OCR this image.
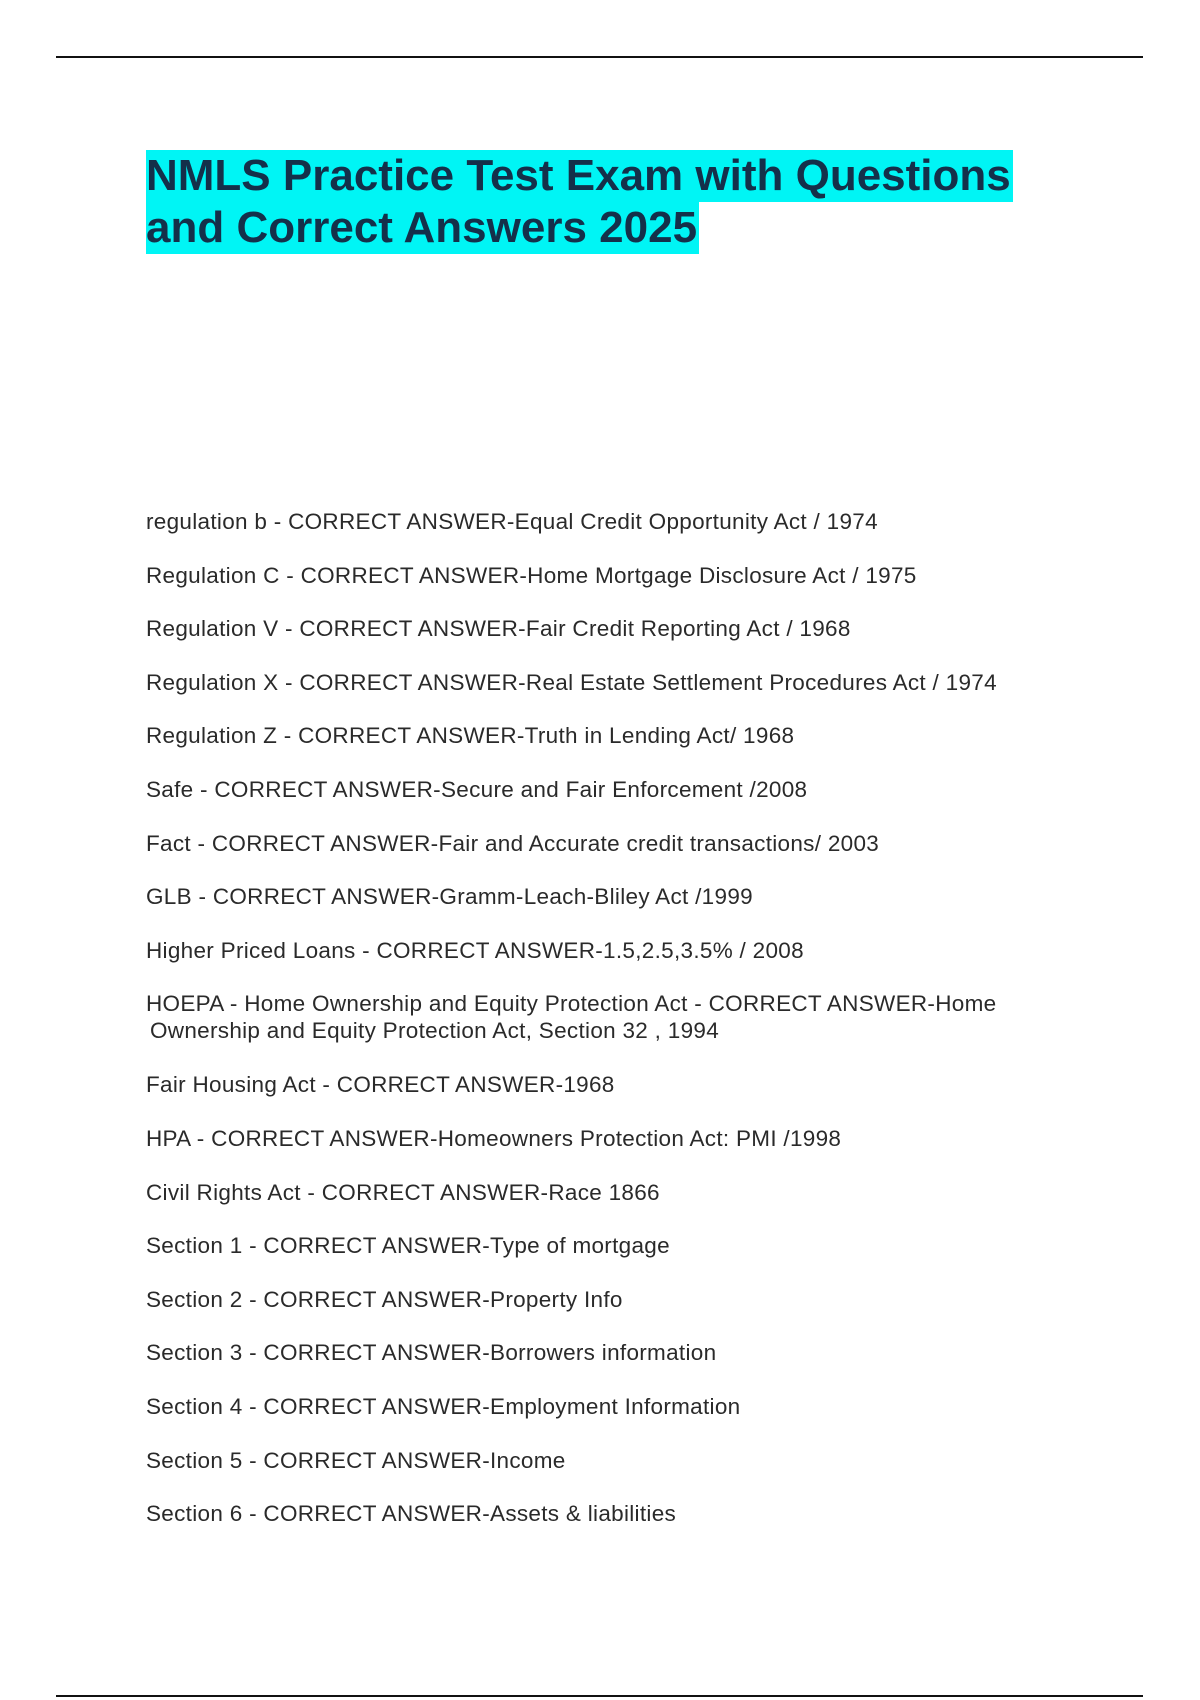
NMLS Practice Test Exam with Questions
and Correct Answers 2025
regulation b - CORRECT ANSWER-Equal Credit Opportunity Act / 1974
Regulation C - CORRECT ANSWER-Home Mortgage Disclosure Act / 1975
Regulation V - CORRECT ANSWER-Fair Credit Reporting Act / 1968
Regulation X - CORRECT ANSWER-Real Estate Settlement Procedures Act / 1974
Regulation Z - CORRECT ANSWER-Truth in Lending Act/ 1968
Safe - CORRECT ANSWER-Secure and Fair Enforcement /2008
Fact - CORRECT ANSWER-Fair and Accurate credit transactions/ 2003
GLB - CORRECT ANSWER-Gramm-Leach-Bliley Act /1999
Higher Priced Loans - CORRECT ANSWER-1.5,2.5,3.5% / 2008
HOEPA - Home Ownership and Equity Protection Act - CORRECT ANSWER-Home
Ownership and Equity Protection Act, Section 32 , 1994
Fair Housing Act - CORRECT ANSWER-1968
HPA - CORRECT ANSWER-Homeowners Protection Act: PMI /1998
Civil Rights Act - CORRECT ANSWER-Race 1866
Section 1 - CORRECT ANSWER-Type of mortgage
Section 2 - CORRECT ANSWER-Property Info
Section 3 - CORRECT ANSWER-Borrowers information
Section 4 - CORRECT ANSWER-Employment Information
Section 5 - CORRECT ANSWER-Income
Section 6 - CORRECT ANSWER-Assets & liabilities
